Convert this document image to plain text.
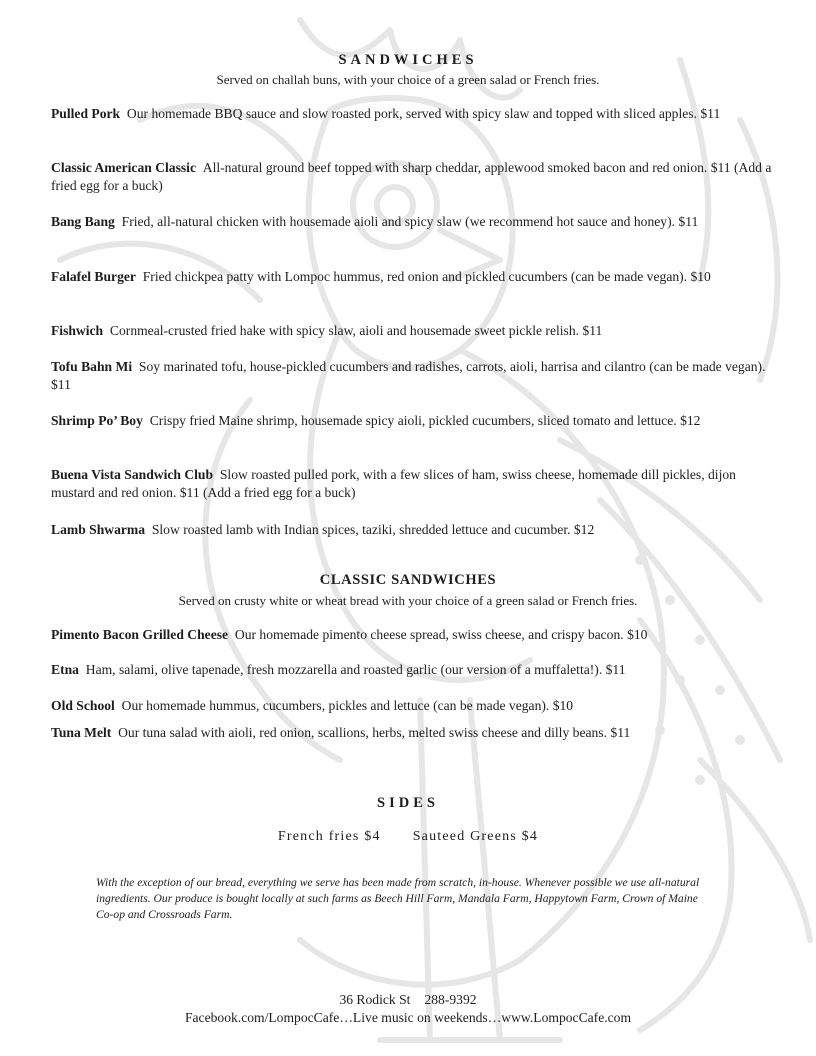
SANDWICHES

Served on challah buns, with your choice of a green salad or French fries.

Pulled Pork Our homemade BBQ sauce and slow roasted pork, served with spicy slaw and topped with sliced apples. $11

Classic American Classic All-natural ground beef topped with sharp cheddar, applewood smoked bacon and red onion. $11 (Add a fried egg for a buck)

Bang Bang Fried, all-natural chicken with housemade aioli and spicy slaw (we recommend hot sauce and honey). $11

Falafel Burger Fried chickpea patty with Lompoc hummus, red onion and pickled cucumbers (can be made vegan). $10

Fishwich Cornmeal-crusted fried hake with spicy slaw, aioli and housemade sweet pickle relish. $11

Tofu Bahn Mi Soy marinated tofu, house-pickled cucumbers and radishes, carrots, aioli, harrisa and cilantro (can be made vegan). $11

Shrimp Po’ Boy Crispy fried Maine shrimp, housemade spicy aioli, pickled cucumbers, sliced tomato and lettuce. $12

Buena Vista Sandwich Club Slow roasted pulled pork, with a few slices of ham, swiss cheese, homemade dill pickles, dijon mustard and red onion. $11 (Add a fried egg for a buck)

Lamb Shwarma Slow roasted lamb with Indian spices, taziki, shredded lettuce and cucumber. $12

CLASSIC SANDWICHES

Served on crusty white or wheat bread with your choice of a green salad or French fries.

Pimento Bacon Grilled Cheese Our homemade pimento cheese spread, swiss cheese, and crispy bacon. $10

Etna Ham, salami, olive tapenade, fresh mozzarella and roasted garlic (our version of a muffaletta!). $11

Old School Our homemade hummus, cucumbers, pickles and lettuce (can be made vegan). $10

Tuna Melt Our tuna salad with aioli, red onion, scallions, herbs, melted swiss cheese and dilly beans. $11

SIDES

French fries $4 Sauteed Greens $4

With the exception of our bread, everything we serve has been made from scratch, in-house. Whenever possible we use all-natural ingredients. Our produce is bought locally at such farms as Beech Hill Farm, Mandala Farm, Happytown Farm, Crown of Maine Co-op and Crossroads Farm.

36 Rodick St 288-9392

Facebook.com/LompocCafe…Live music on weekends…www.LompocCafe.com
